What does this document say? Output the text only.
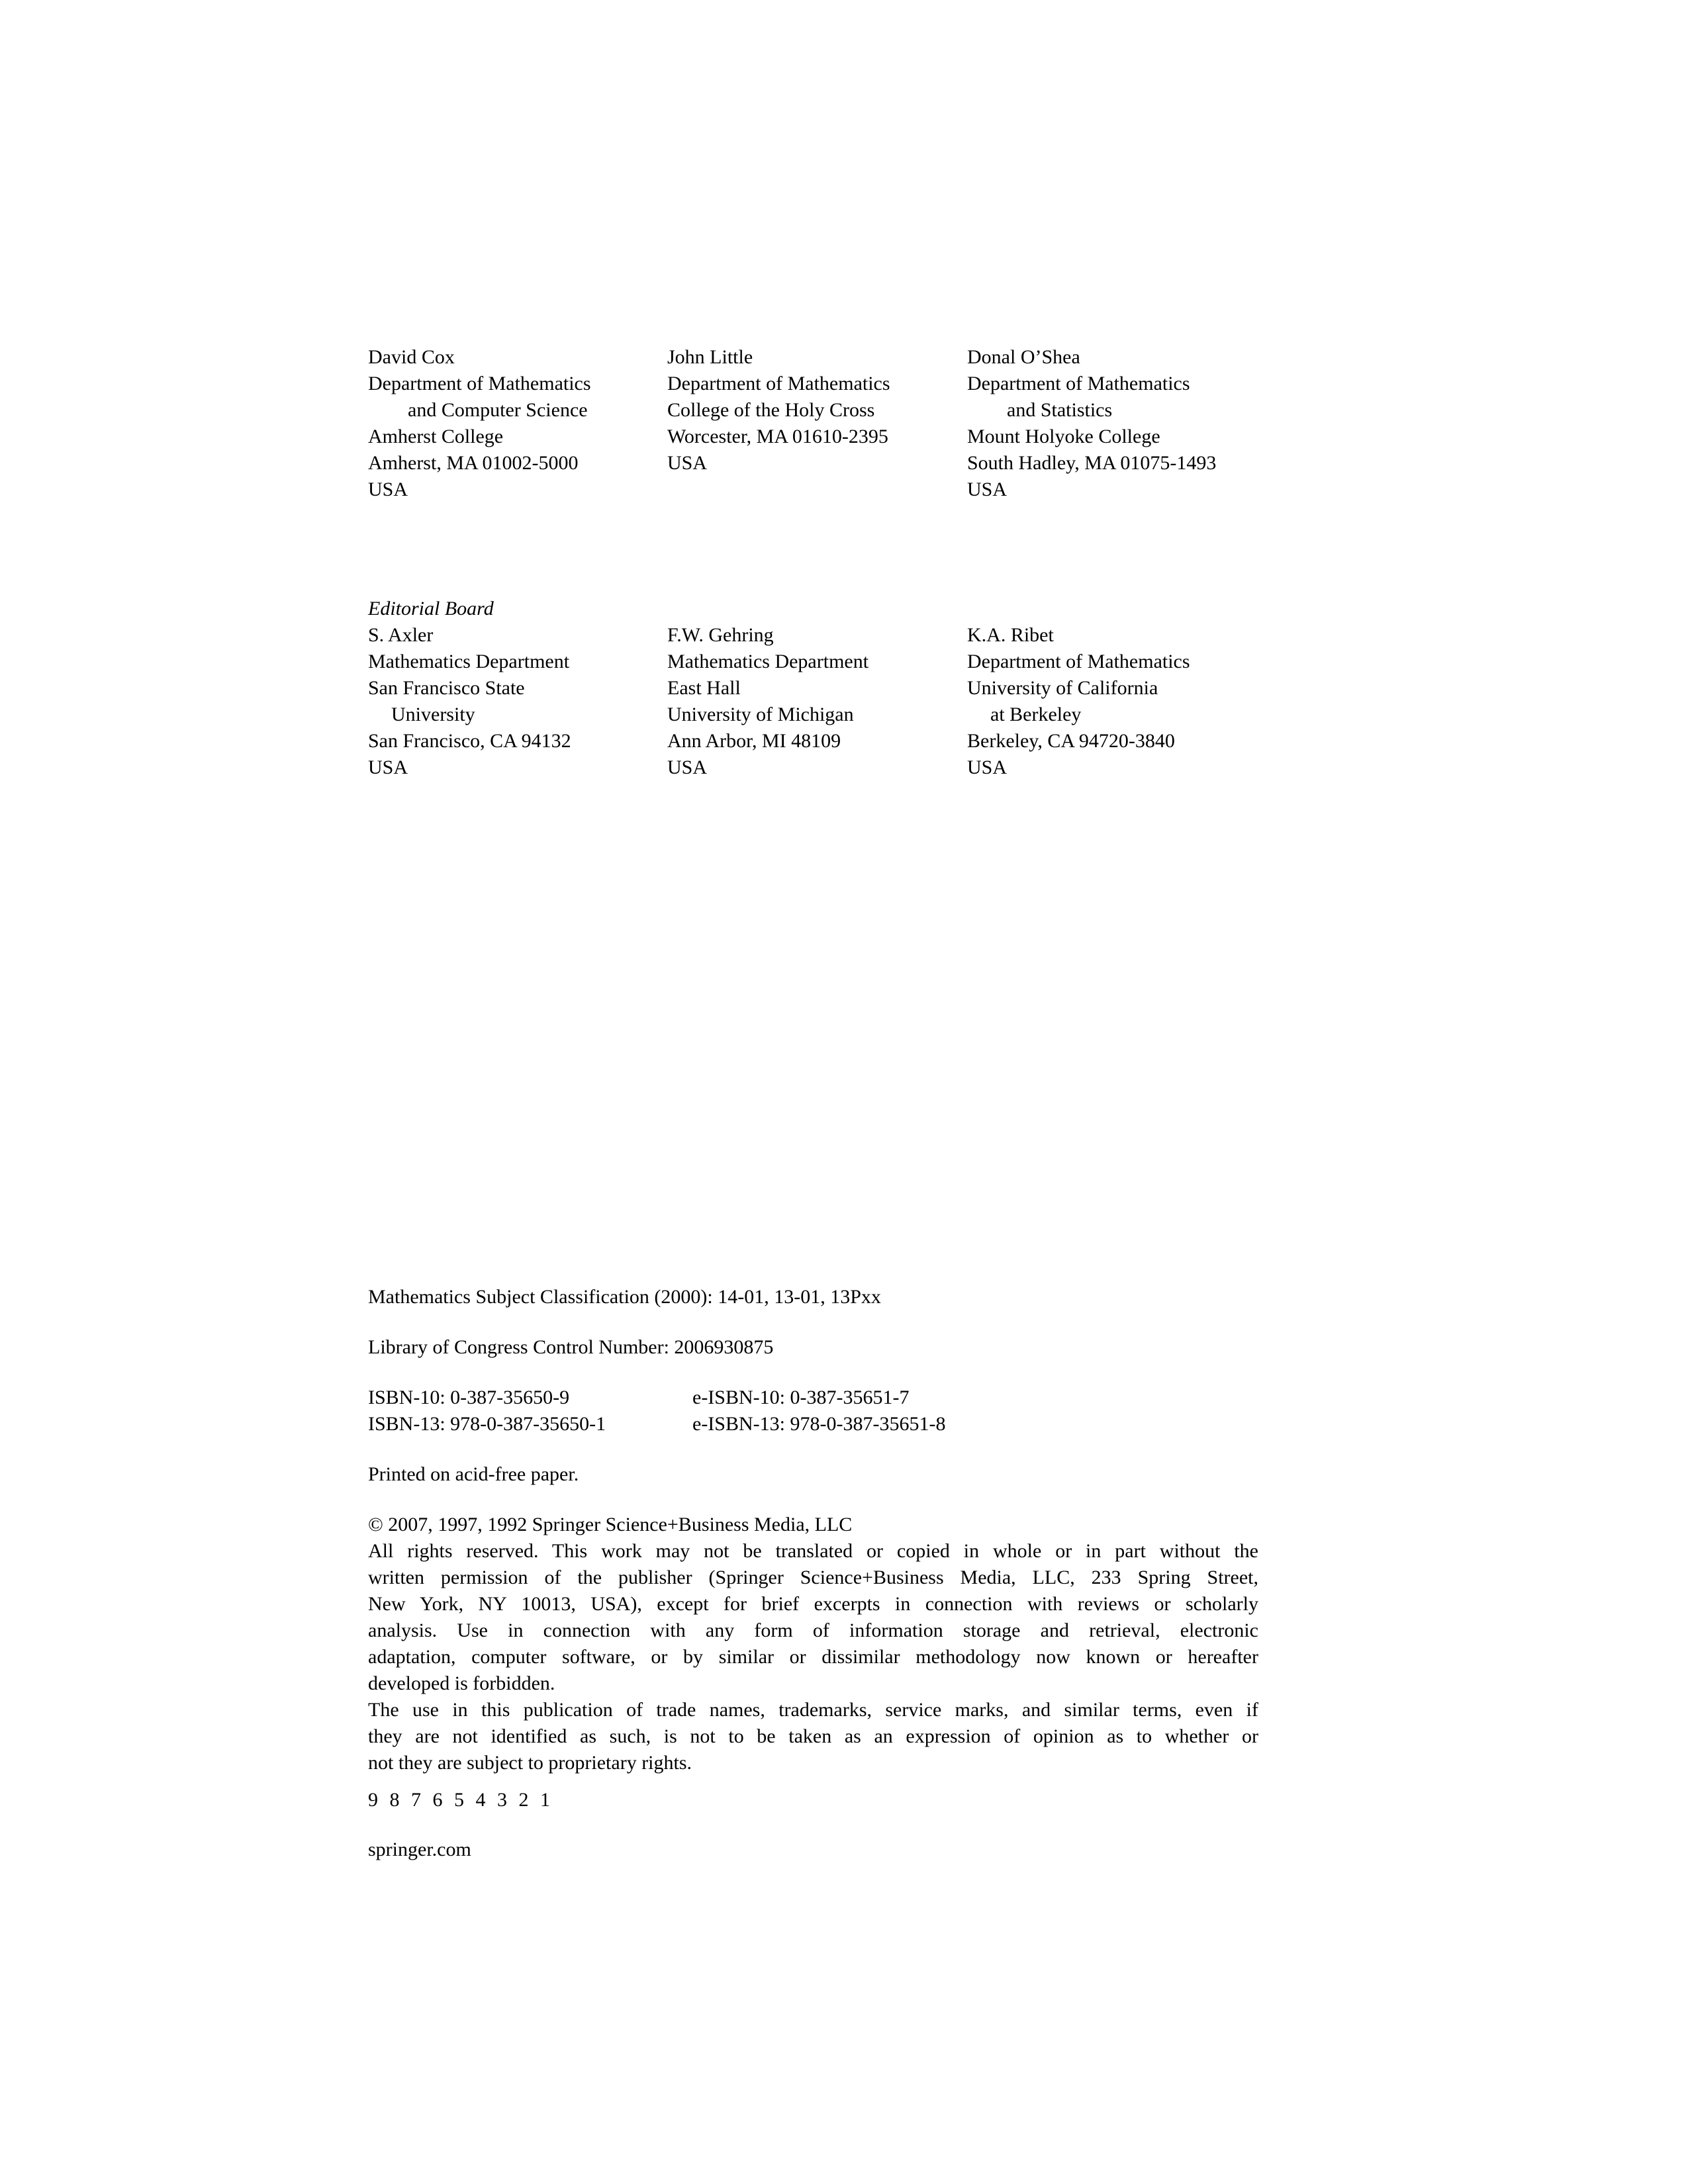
David Cox
Department of Mathematics
and Computer Science
Amherst College
Amherst, MA 01002-5000
USA
John Little
Department of Mathematics
College of the Holy Cross
Worcester, MA 01610-2395
USA
Donal O’Shea
Department of Mathematics
and Statistics
Mount Holyoke College
South Hadley, MA 01075-1493
USA
Editorial Board
S. Axler
Mathematics Department
San Francisco State
University
San Francisco, CA 94132
USA
F.W. Gehring
Mathematics Department
East Hall
University of Michigan
Ann Arbor, MI 48109
USA
K.A. Ribet
Department of Mathematics
University of California
at Berkeley
Berkeley, CA 94720-3840
USA
Mathematics Subject Classification (2000): 14-01, 13-01, 13Pxx
Library of Congress Control Number: 2006930875
ISBN-10: 0-387-35650-9	e-ISBN-10: 0-387-35651-7
ISBN-13: 978-0-387-35650-1	e-ISBN-13: 978-0-387-35651-8
Printed on acid-free paper.
© 2007, 1997, 1992 Springer Science+Business Media, LLC
All rights reserved. This work may not be translated or copied in whole or in part without the
written permission of the publisher (Springer Science+Business Media, LLC, 233 Spring Street,
New York, NY 10013, USA), except for brief excerpts in connection with reviews or scholarly
analysis. Use in connection with any form of information storage and retrieval, electronic
adaptation, computer software, or by similar or dissimilar methodology now known or hereafter
developed is forbidden.
The use in this publication of trade names, trademarks, service marks, and similar terms, even if
they are not identified as such, is not to be taken as an expression of opinion as to whether or
not they are subject to proprietary rights.
9 8 7 6 5 4 3 2 1
springer.com
